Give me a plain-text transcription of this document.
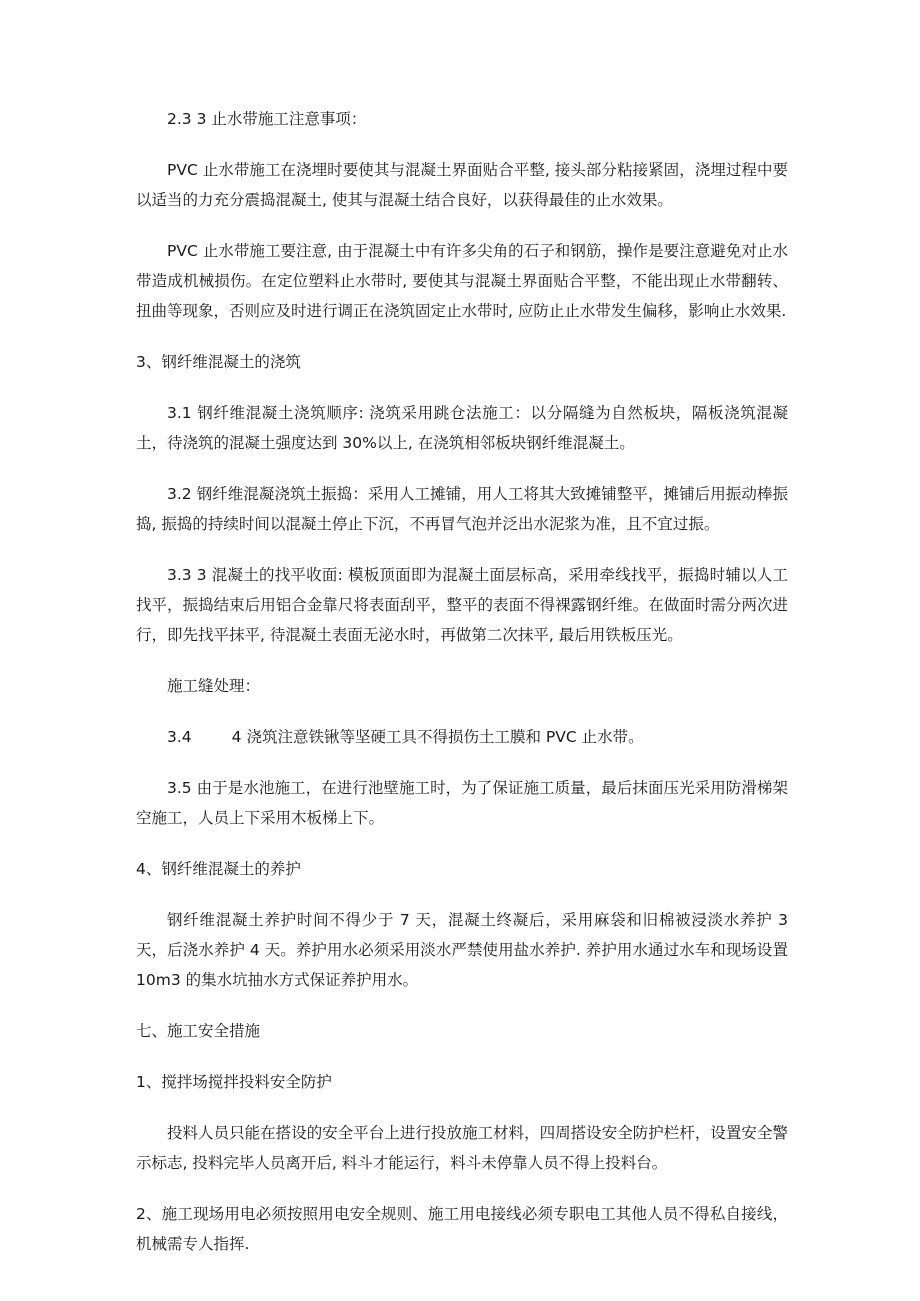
2.3 3 止水带施工注意事项：

PVC 止水带施工在浇埋时要使其与混凝土界面贴合平整, 接头部分粘接紧固，浇埋过程中要以适当的力充分震捣混凝土, 使其与混凝土结合良好，以获得最佳的止水效果。

PVC 止水带施工要注意, 由于混凝土中有许多尖角的石子和钢筋，操作是要注意避免对止水带造成机械损伤。在定位塑料止水带时, 要使其与混凝土界面贴合平整，不能出现止水带翻转、扭曲等现象，否则应及时进行调正在浇筑固定止水带时, 应防止止水带发生偏移，影响止水效果.

3、钢纤维混凝土的浇筑

3.1 钢纤维混凝土浇筑顺序: 浇筑采用跳仓法施工：以分隔缝为自然板块，隔板浇筑混凝土，待浇筑的混凝土强度达到 30%以上, 在浇筑相邻板块钢纤维混凝土。

3.2 钢纤维混凝浇筑土振捣：采用人工摊铺，用人工将其大致摊铺整平，摊铺后用振动棒振捣, 振捣的持续时间以混凝土停止下沉，不再冒气泡并泛出水泥浆为准，且不宜过振。

3.3 3 混凝土的找平收面: 模板顶面即为混凝土面层标高，采用牵线找平，振捣时辅以人工找平，振捣结束后用铝合金靠尺将表面刮平，整平的表面不得裸露钢纤维。在做面时需分两次进行，即先找平抹平, 待混凝土表面无泌水时，再做第二次抹平, 最后用铁板压光。

施工缝处理：

3.4	4 浇筑注意铁锹等坚硬工具不得损伤土工膜和 PVC 止水带。

3.5 由于是水池施工，在进行池壁施工时，为了保证施工质量，最后抹面压光采用防滑梯架空施工，人员上下采用木板梯上下。

4、钢纤维混凝土的养护

钢纤维混凝土养护时间不得少于 7 天，混凝土终凝后，采用麻袋和旧棉被浸淡水养护 3 天，后浇水养护 4 天。养护用水必须采用淡水严禁使用盐水养护. 养护用水通过水车和现场设置 10m3 的集水坑抽水方式保证养护用水。

七、施工安全措施

1、搅拌场搅拌投料安全防护

投料人员只能在搭设的安全平台上进行投放施工材料，四周搭设安全防护栏杆，设置安全警示标志, 投料完毕人员离开后, 料斗才能运行，料斗未停靠人员不得上投料台。

2、施工现场用电必须按照用电安全规则、施工用电接线必须专职电工其他人员不得私自接线，机械需专人指挥.
